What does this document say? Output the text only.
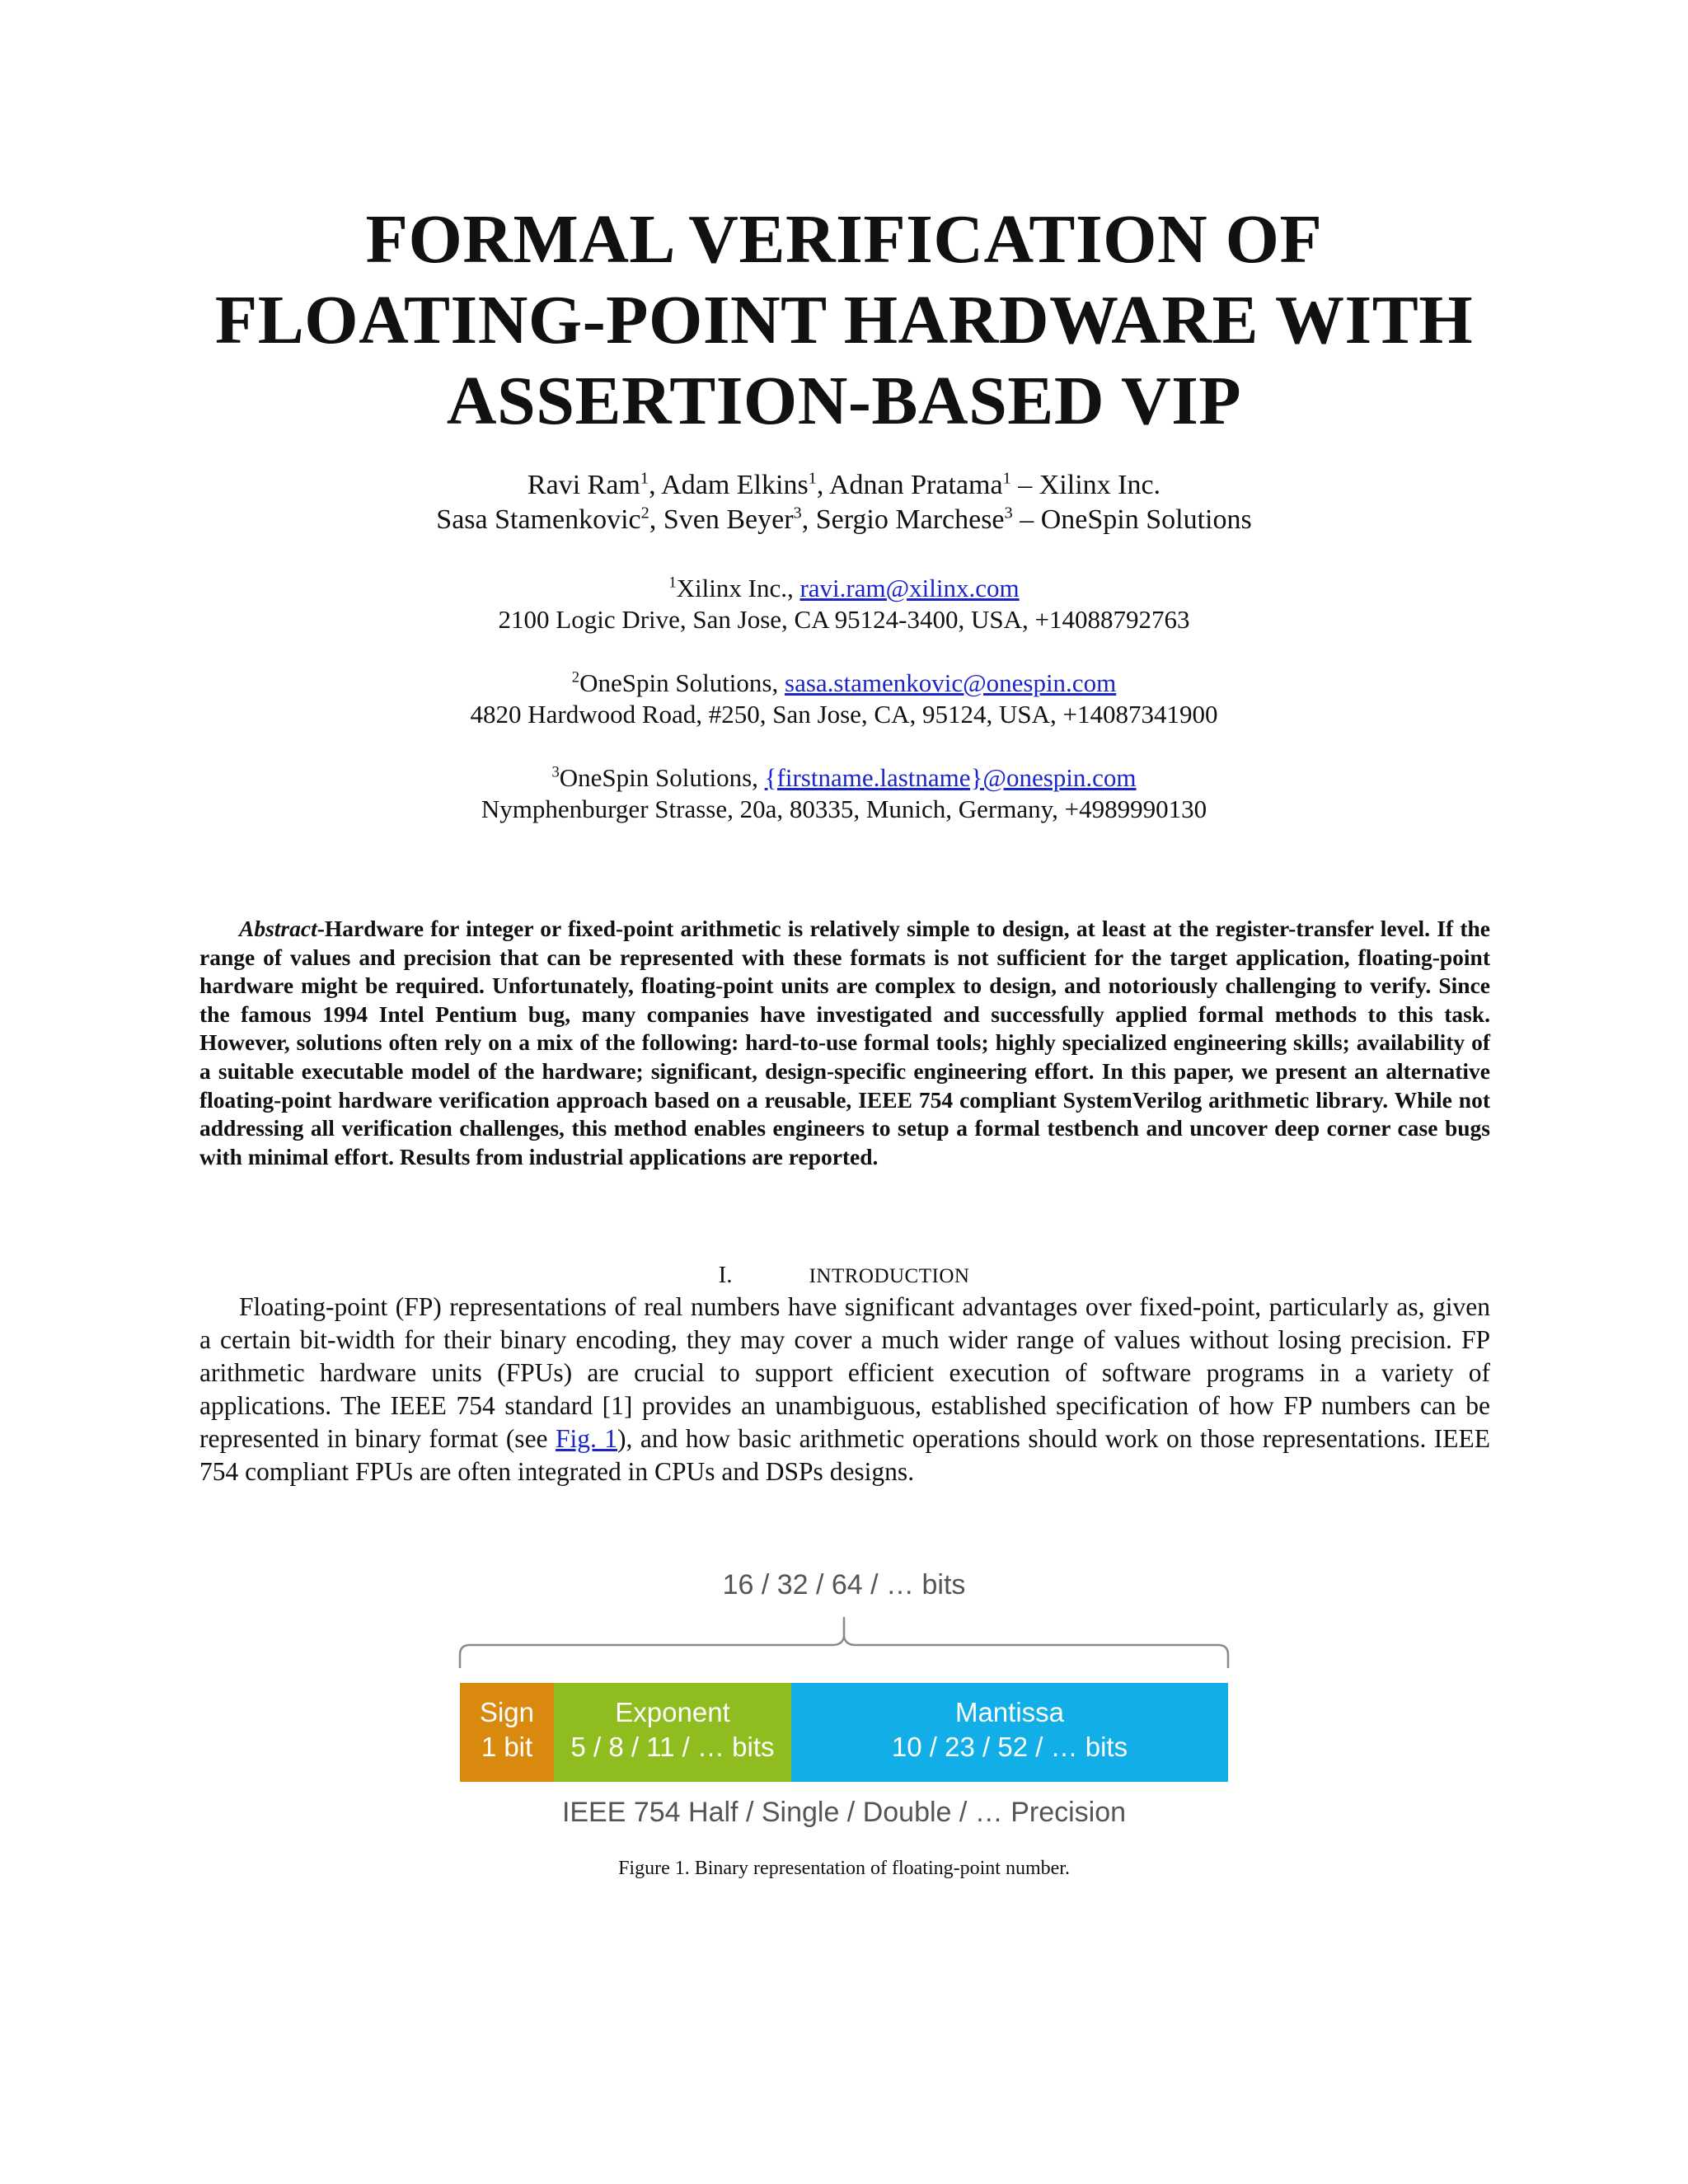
FORMAL VERIFICATION OF
FLOATING-POINT HARDWARE WITH
ASSERTION-BASED VIP
Ravi Ram$^1$, Adam Elkins$^1$, Adnan Pratama$^1$ – Xilinx Inc.
Sasa Stamenkovic$^2$, Sven Beyer$^3$, Sergio Marchese$^3$ – OneSpin Solutions
$^1$Xilinx Inc., ravi.ram@xilinx.com
2100 Logic Drive, San Jose, CA 95124-3400, USA, +14088792763
$^2$OneSpin Solutions, sasa.stamenkovic@onespin.com
4820 Hardwood Road, #250, San Jose, CA, 95124, USA, +14087341900
$^3$OneSpin Solutions, {firstname.lastname}@onespin.com
Nymphenburger Strasse, 20a, 80335, Munich, Germany, +4989990130
Abstract-Hardware for integer or fixed-point arithmetic is relatively simple to design, at least at the register-transfer level. If the range of values and precision that can be represented with these formats is not sufficient for the target application, floating-point hardware might be required. Unfortunately, floating-point units are complex to design, and notoriously challenging to verify. Since the famous 1994 Intel Pentium bug, many companies have investigated and successfully applied formal methods to this task. However, solutions often rely on a mix of the following: hard-to-use formal tools; highly specialized engineering skills; availability of a suitable executable model of the hardware; significant, design-specific engineering effort. In this paper, we present an alternative floating-point hardware verification approach based on a reusable, IEEE 754 compliant SystemVerilog arithmetic library. While not addressing all verification challenges, this method enables engineers to setup a formal testbench and uncover deep corner case bugs with minimal effort. Results from industrial applications are reported.
I.	INTRODUCTION
Floating-point (FP) representations of real numbers have significant advantages over fixed-point, particularly as, given a certain bit-width for their binary encoding, they may cover a much wider range of values without losing precision. FP arithmetic hardware units (FPUs) are crucial to support efficient execution of software programs in a variety of applications. The IEEE 754 standard [1] provides an unambiguous, established specification of how FP numbers can be represented in binary format (see Fig. 1), and how basic arithmetic operations should work on those representations. IEEE 754 compliant FPUs are often integrated in CPUs and DSPs designs.
16 / 32 / 64 / … bits
Sign
1 bit
Exponent
5 / 8 / 11 / … bits
Mantissa
10 / 23 / 52 / … bits
IEEE 754 Half / Single / Double / … Precision
Figure 1. Binary representation of floating-point number.
